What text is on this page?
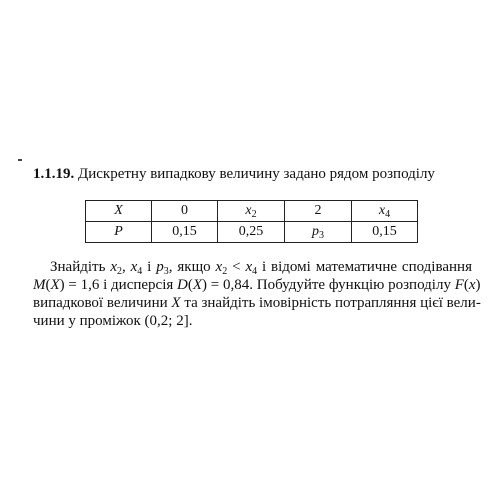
1.1.19. Дискретну випадкову величину задано рядом розподілу
X	0	$x_2$	2	$x_4$
P	0,15	0,25	$p_3$	0,15
Знайдіть $x_2$, $x_4$ і $p_3$, якщо $x_2 < x_4$ і відомі математичне сподівання
M(X) = 1,6 і дисперсія D(X) = 0,84. Побудуйте функцію розподілу F(x)
випадкової величини X та знайдіть імовірність потрапляння цієї вели-
чини у проміжок (0,2; 2].
